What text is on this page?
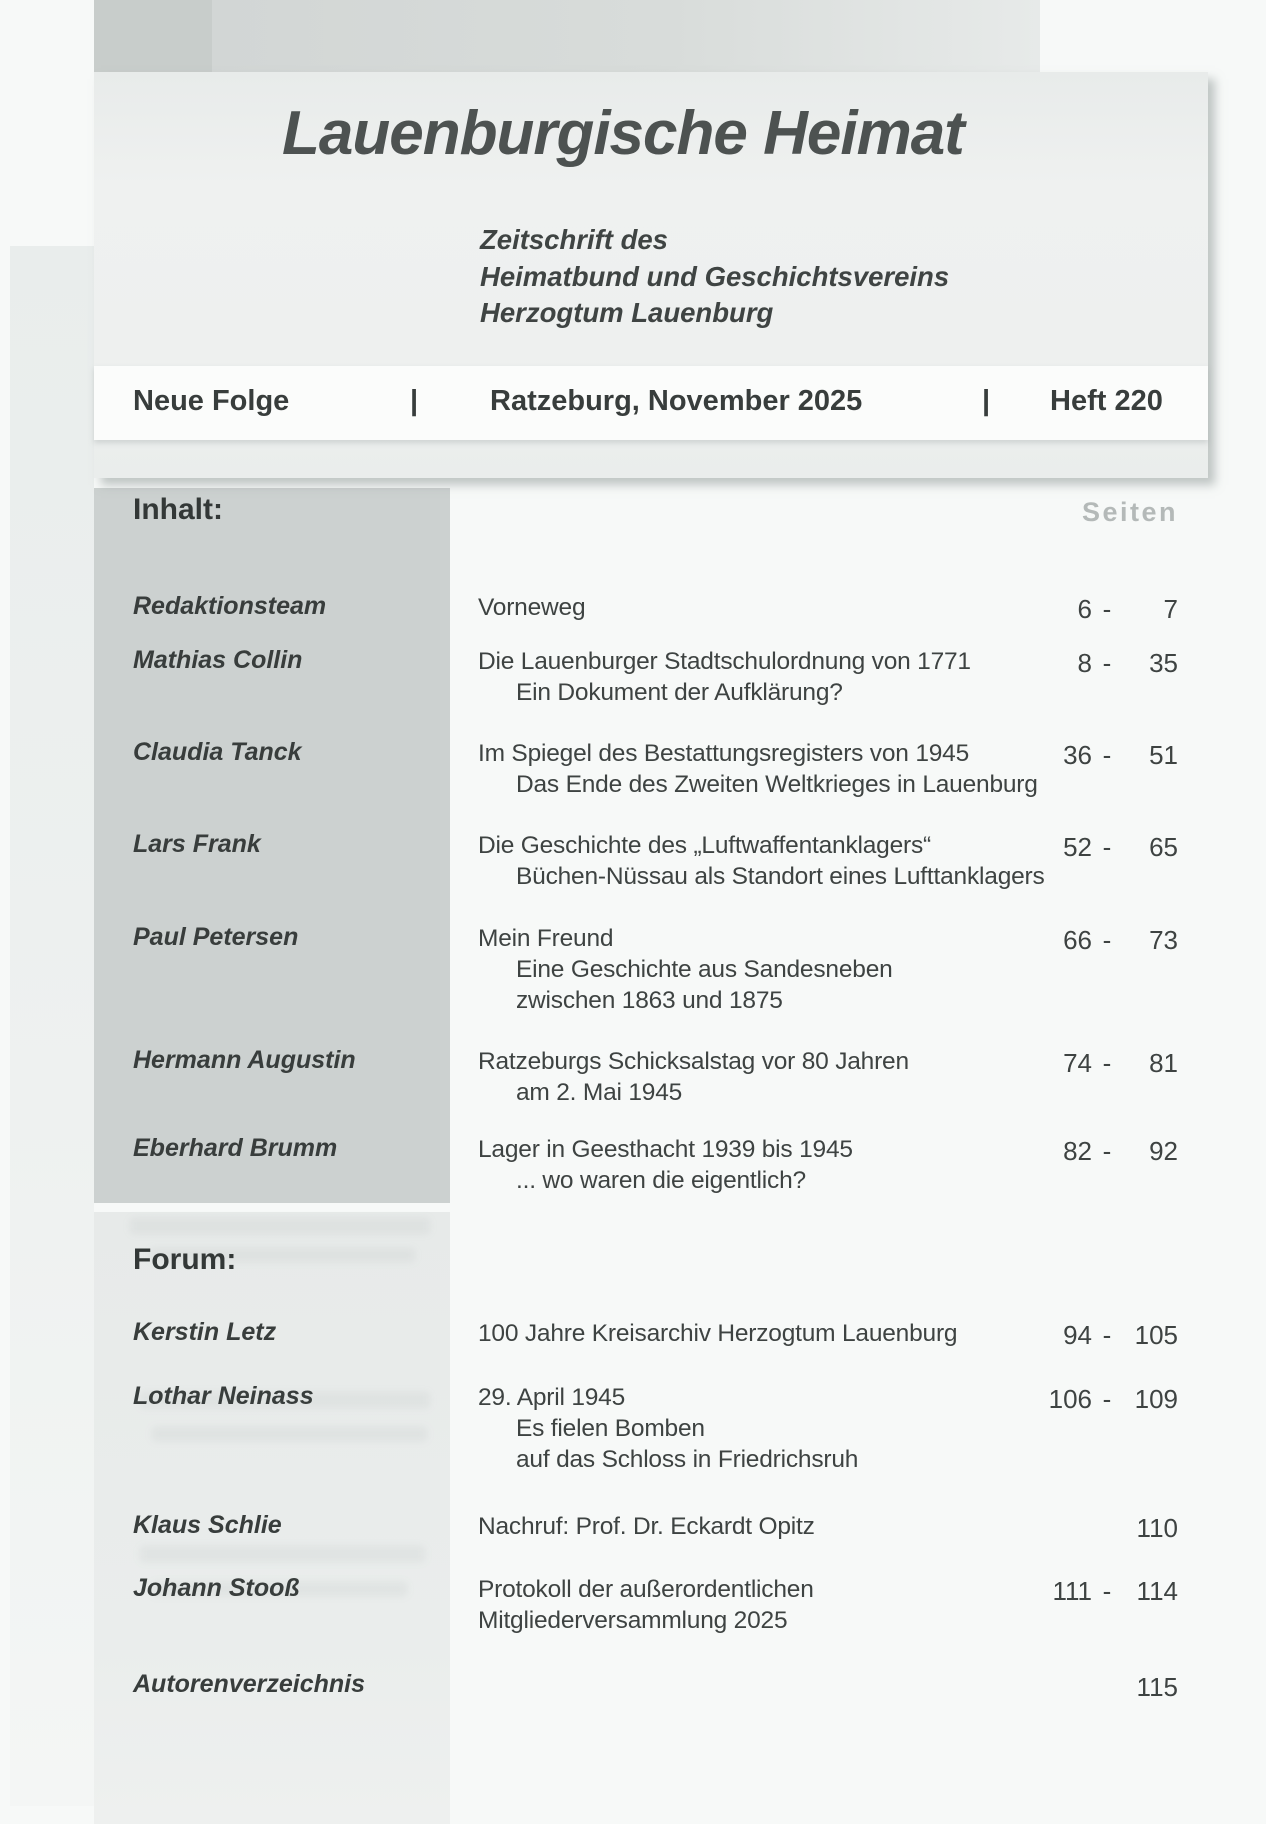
Lauenburgische Heimat
Zeitschrift des
Heimatbund und Geschichtsvereins
Herzogtum Lauenburg
Neue Folge	| Ratzeburg, November 2025	| Heft 220
Inhalt:	Seiten
Redaktionsteam	Vorneweg	6 -	7
Mathias Collin	Die Lauenburger Stadtschulordnung von 1771
Ein Dokument der Aufklärung?
8 -	35
Claudia Tanck	Im Spiegel des Bestattungsregisters von 1945
Das Ende des Zweiten Weltkrieges in Lauenburg
36 -	51
Lars Frank	Die Geschichte des „Luftwaffentanklagers“
Büchen-Nüssau als Standort eines Lufttanklagers
52 -	65
Paul Petersen	Mein Freund
Eine Geschichte aus Sandesneben
zwischen 1863 und 1875
66 -	73
Hermann Augustin	Ratzeburgs Schicksalstag vor 80 Jahren
am 2. Mai 1945
74 -	81
Eberhard Brumm	Lager in Geesthacht 1939 bis 1945
... wo waren die eigentlich?
82 -	92
Forum:
Kerstin Letz	100 Jahre Kreisarchiv Herzogtum Lauenburg	94 - 105
Lothar Neinass	29. April 1945
Es fielen Bomben
auf das Schloss in Friedrichsruh
106 - 109
Klaus Schlie	Nachruf: Prof. Dr. Eckardt Opitz	110
Johann Stooß	Protokoll der außerordentlichen
Mitgliederversammlung 2025
111 - 114
Autorenverzeichnis	115
